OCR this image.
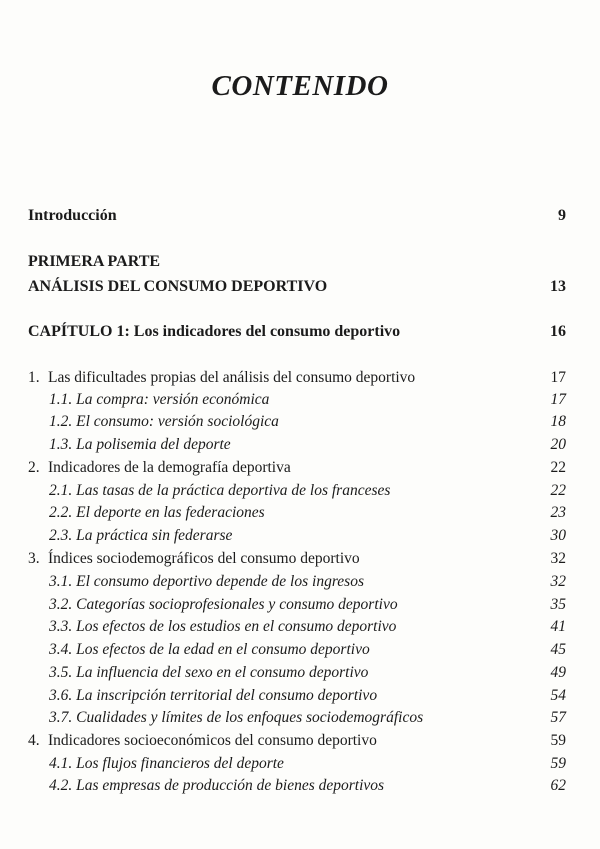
CONTENIDO
Introducción	9
PRIMERA PARTE
ANÁLISIS DEL CONSUMO DEPORTIVO	13
CAPÍTULO 1: Los indicadores del consumo deportivo	16
1. Las dificultades propias del análisis del consumo deportivo	17
1.1. La compra: versión económica	17
1.2. El consumo: versión sociológica	18
1.3. La polisemia del deporte	20
2. Indicadores de la demografía deportiva	22
2.1. Las tasas de la práctica deportiva de los franceses	22
2.2. El deporte en las federaciones	23
2.3. La práctica sin federarse	30
3. Índices sociodemográficos del consumo deportivo	32
3.1. El consumo deportivo depende de los ingresos	32
3.2. Categorías socioprofesionales y consumo deportivo	35
3.3. Los efectos de los estudios en el consumo deportivo	41
3.4. Los efectos de la edad en el consumo deportivo	45
3.5. La influencia del sexo en el consumo deportivo	49
3.6. La inscripción territorial del consumo deportivo	54
3.7. Cualidades y límites de los enfoques sociodemográficos	57
4. Indicadores socioeconómicos del consumo deportivo	59
4.1. Los flujos financieros del deporte	59
4.2. Las empresas de producción de bienes deportivos	62
